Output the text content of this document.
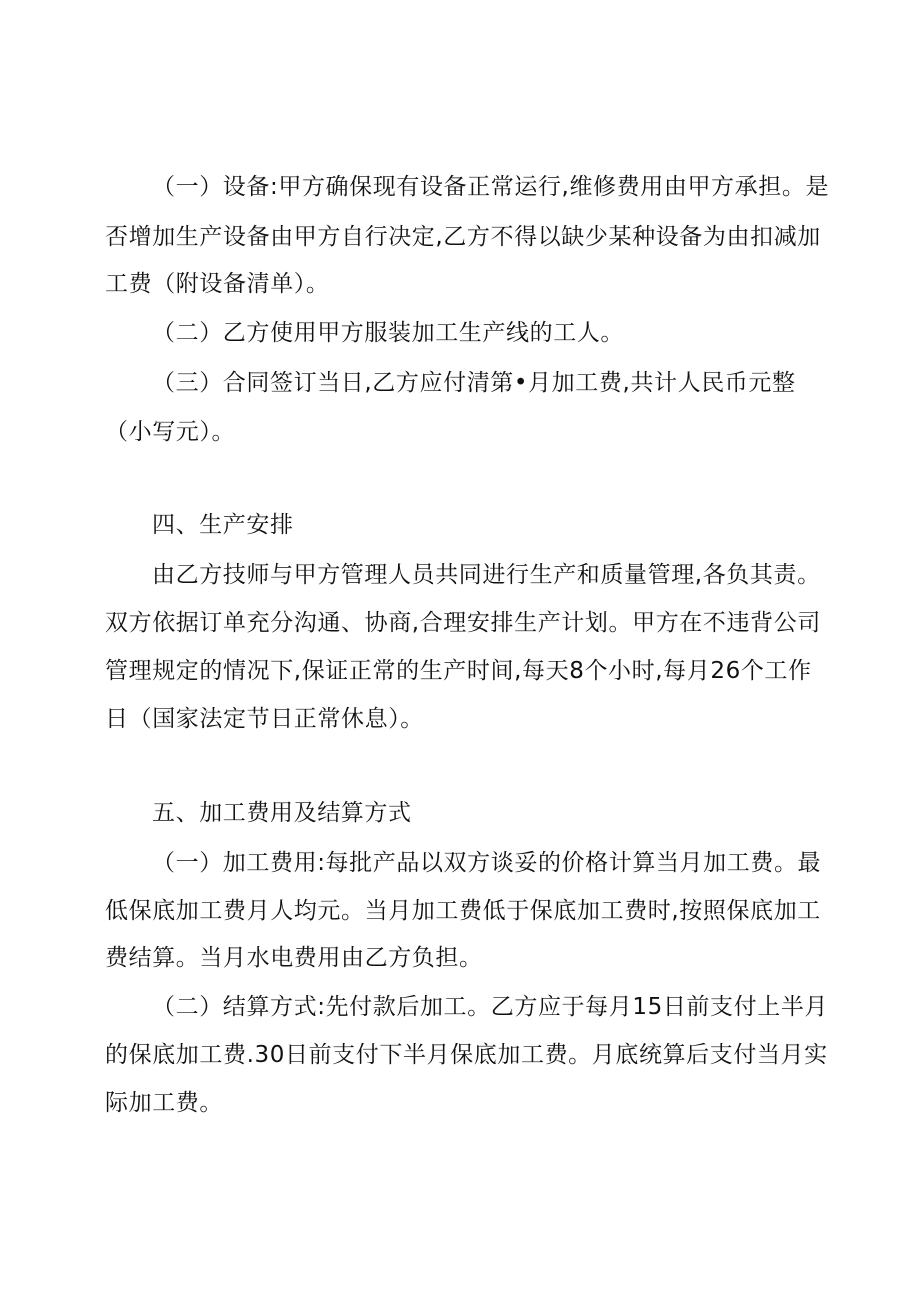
（一）设备:甲方确保现有设备正常运行,维修费用由甲方承担。是
否增加生产设备由甲方自行决定,乙方不得以缺少某种设备为由扣减加
工费（附设备清单）。
（二）乙方使用甲方服装加工生产线的工人。
（三）合同签订当日,乙方应付清第•月加工费,共计人民币元整
（小写元）。
四、生产安排
由乙方技师与甲方管理人员共同进行生产和质量管理,各负其责。
双方依据订单充分沟通、协商,合理安排生产计划。甲方在不违背公司
管理规定的情况下,保证正常的生产时间,每天8个小时,每月26个工作
日（国家法定节日正常休息）。
五、加工费用及结算方式
（一）加工费用:每批产品以双方谈妥的价格计算当月加工费。最
低保底加工费月人均元。当月加工费低于保底加工费时,按照保底加工
费结算。当月水电费用由乙方负担。
（二）结算方式:先付款后加工。乙方应于每月15日前支付上半月
的保底加工费.30日前支付下半月保底加工费。月底统算后支付当月实
际加工费。
